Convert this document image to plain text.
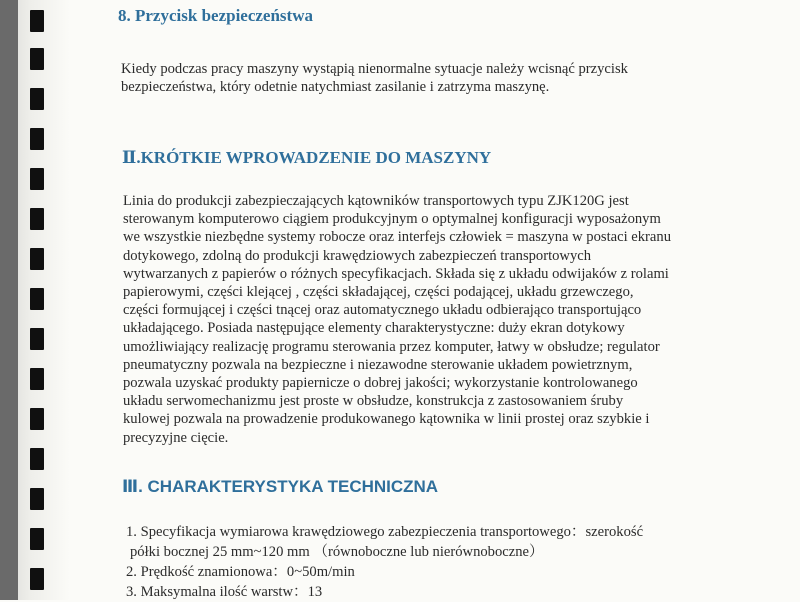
8. Przycisk bezpieczeństwa

Kiedy podczas pracy maszyny wystąpią nienormalne sytuacje należy wcisnąć przycisk
bezpieczeństwa, który odetnie natychmiast zasilanie i zatrzyma maszynę.

Ⅱ.KRÓTKIE WPROWADZENIE DO MASZYNY

Linia do produkcji zabezpieczających kątowników transportowych typu ZJK120G jest
sterowanym komputerowo ciągiem produkcyjnym o optymalnej konfiguracji wyposażonym
we wszystkie niezbędne systemy robocze oraz interfejs człowiek = maszyna w postaci ekranu
dotykowego, zdolną do produkcji krawędziowych zabezpieczeń transportowych
wytwarzanych z papierów o różnych specyfikacjach. Składa się z układu odwijaków z rolami
papierowymi, części klejącej , części składającej, części podającej, układu grzewczego,
części formującej i części tnącej oraz automatycznego układu odbierająco transportująco
układającego. Posiada następujące elementy charakterystyczne: duży ekran dotykowy
umożliwiający realizację programu sterowania przez komputer, łatwy w obsłudze; regulator
pneumatyczny pozwala na bezpieczne i niezawodne sterowanie układem powietrznym,
pozwala uzyskać produkty papiernicze o dobrej jakości; wykorzystanie kontrolowanego
układu serwomechanizmu jest proste w obsłudze, konstrukcja z zastosowaniem śruby
kulowej pozwala na prowadzenie produkowanego kątownika w linii prostej oraz szybkie i
precyzyjne cięcie.

Ⅲ. CHARAKTERYSTYKA TECHNICZNA
1. Specyfikacja wymiarowa krawędziowego zabezpieczenia transportowego：szerokość
półki bocznej 25 mm~120 mm （równoboczne lub nierównoboczne）
2. Prędkość znamionowa：0~50m/min
3. Maksymalna ilość warstw：13
